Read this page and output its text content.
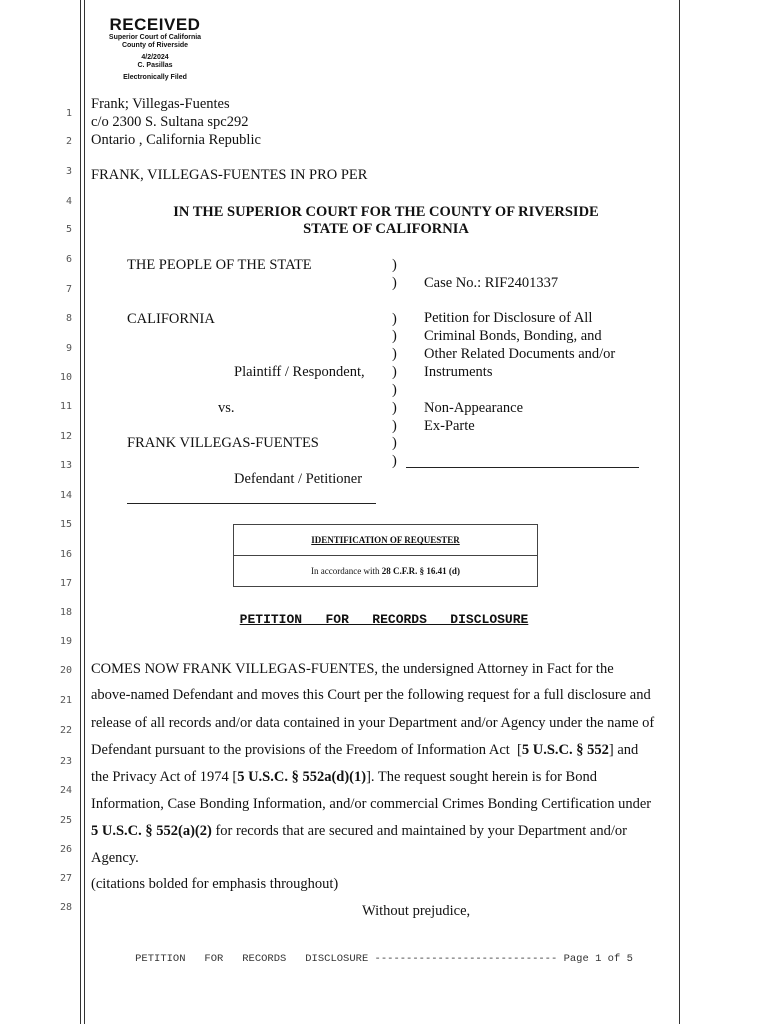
RECEIVED
Superior Court of California
County of Riverside
4/2/2024
C. Pasillas
Electronically Filed
1
2
3
4
5
6
7
8
9
10
11
12
13
14
15
16
17
18
19
20
21
22
23
24
25
26
27
28
Frank; Villegas-Fuentes
c/o 2300 S. Sultana spc292
Ontario , California Republic
FRANK, VILLEGAS-FUENTES IN PRO PER
IN THE SUPERIOR COURT FOR THE COUNTY OF RIVERSIDE
STATE OF CALIFORNIA
THE PEOPLE OF THE STATE
CALIFORNIA
Plaintiff / Respondent,
vs.
FRANK VILLEGAS-FUENTES
Defendant / Petitioner
)
)
)
)
)
)
)
)
)
)
)
Case No.: RIF2401337
Petition for Disclosure of All
Criminal Bonds, Bonding, and
Other Related Documents and/or
Instruments
Non-Appearance
Ex-Parte
IDENTIFICATION OF REQUESTER
In accordance with 28 C.F.R. § 16.41 (d)
PETITION   FOR   RECORDS   DISCLOSURE
COMES NOW FRANK VILLEGAS-FUENTES, the undersigned Attorney in Fact for the
above-named Defendant and moves this Court per the following request for a full disclosure and
release of all records and/or data contained in your Department and/or Agency under the name of
Defendant pursuant to the provisions of the Freedom of Information Act  [5 U.S.C. § 552] and
the Privacy Act of 1974 [5 U.S.C. § 552a(d)(1)]. The request sought herein is for Bond
Information, Case Bonding Information, and/or commercial Crimes Bonding Certification under
5 U.S.C. § 552(a)(2) for records that are secured and maintained by your Department and/or
Agency.
(citations bolded for emphasis throughout)
Without prejudice,
PETITION   FOR   RECORDS   DISCLOSURE ----------------------------- Page 1 of 5
